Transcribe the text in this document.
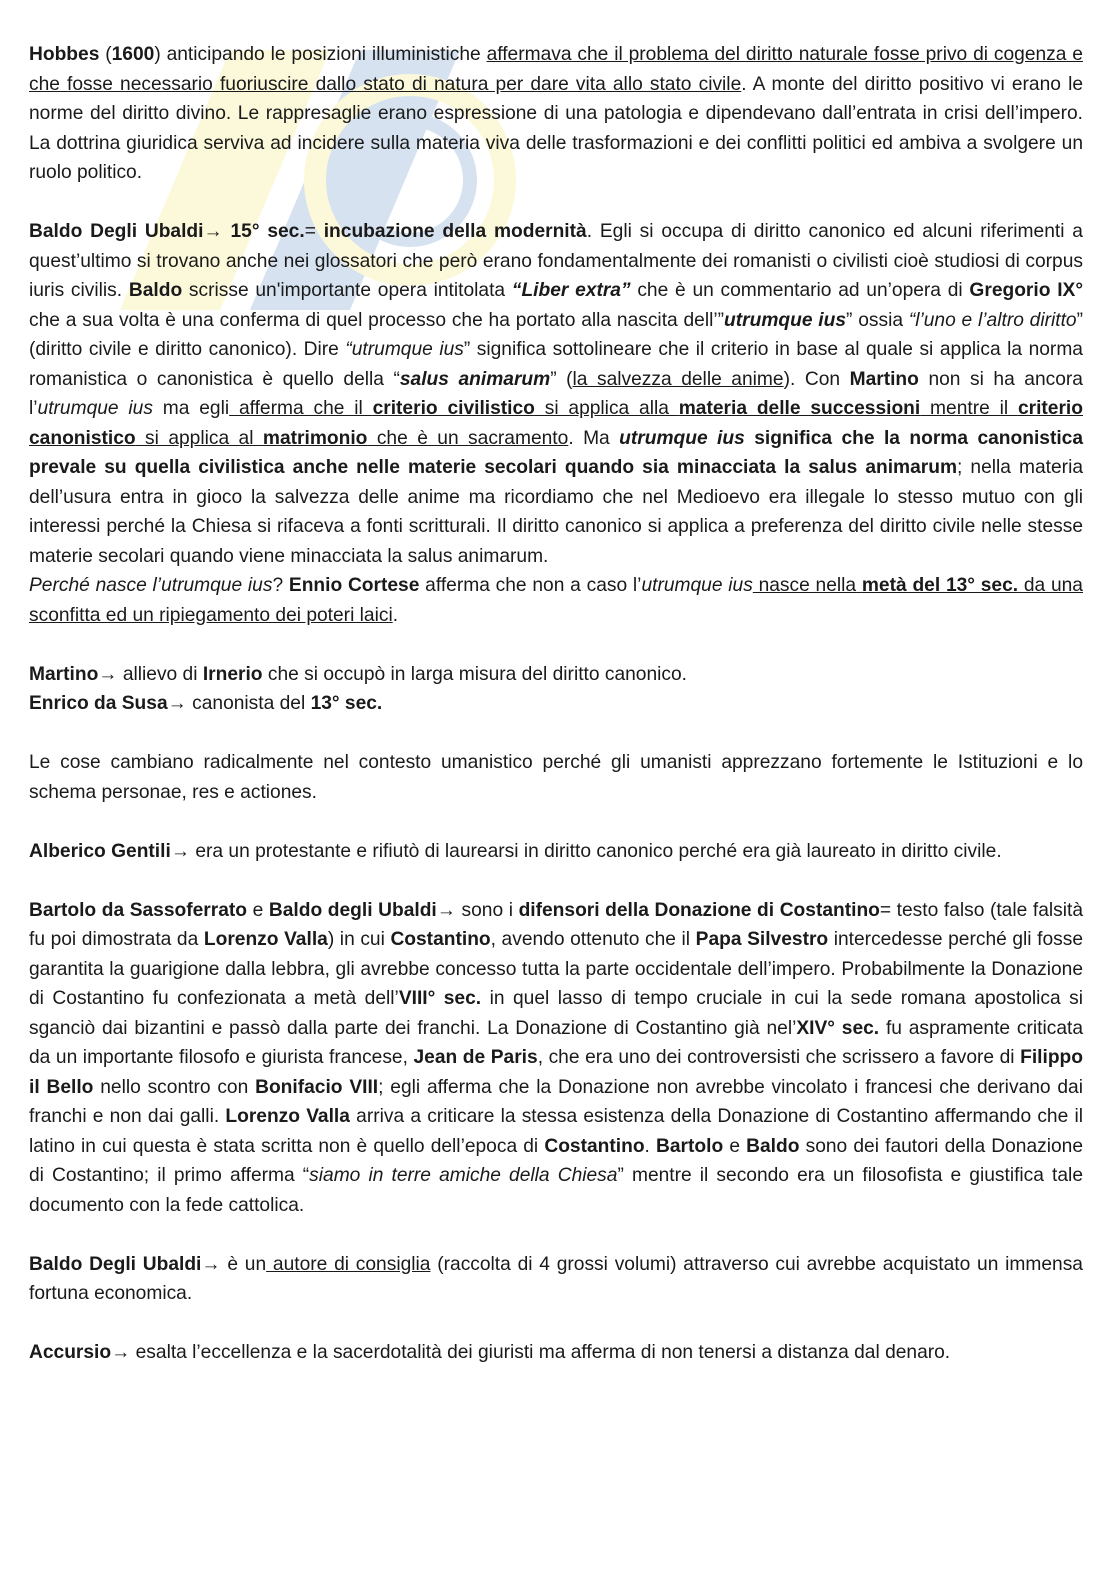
Hobbes (1600) anticipando le posizioni illuministiche affermava che il problema del diritto naturale fosse privo di cogenza e che fosse necessario fuoriuscire dallo stato di natura per dare vita allo stato civile. A monte del diritto positivo vi erano le norme del diritto divino. Le rappresaglie erano espressione di una patologia e dipendevano dall’entrata in crisi dell’impero. La dottrina giuridica serviva ad incidere sulla materia viva delle trasformazioni e dei conflitti politici ed ambiva a svolgere un ruolo politico.

Baldo Degli Ubaldi→ 15° sec.= incubazione della modernità. Egli si occupa di diritto canonico ed alcuni riferimenti a quest’ultimo si trovano anche nei glossatori che però erano fondamentalmente dei romanisti o civilisti cioè studiosi di corpus iuris civilis. Baldo scrisse un'importante opera intitolata “Liber extra” che è un commentario ad un’opera di Gregorio IX° che a sua volta è una conferma di quel processo che ha portato alla nascita dell’”utrumque ius” ossia “l’uno e l’altro diritto” (diritto civile e diritto canonico). Dire “utrumque ius” significa sottolineare che il criterio in base al quale si applica la norma romanistica o canonistica è quello della “salus animarum” (la salvezza delle anime). Con Martino non si ha ancora l’utrumque ius ma egli afferma che il criterio civilistico si applica alla materia delle successioni mentre il criterio canonistico si applica al matrimonio che è un sacramento. Ma utrumque ius significa che la norma canonistica prevale su quella civilistica anche nelle materie secolari quando sia minacciata la salus animarum; nella materia dell’usura entra in gioco la salvezza delle anime ma ricordiamo che nel Medioevo era illegale lo stesso mutuo con gli interessi perché la Chiesa si rifaceva a fonti scritturali. Il diritto canonico si applica a preferenza del diritto civile nelle stesse materie secolari quando viene minacciata la salus animarum.

Perché nasce l’utrumque ius? Ennio Cortese afferma che non a caso l’utrumque ius nasce nella metà del 13° sec. da una sconfitta ed un ripiegamento dei poteri laici.

Martino→ allievo di Irnerio che si occupò in larga misura del diritto canonico.

Enrico da Susa→ canonista del 13° sec.

Le cose cambiano radicalmente nel contesto umanistico perché gli umanisti apprezzano fortemente le Istituzioni e lo schema personae, res e actiones.

Alberico Gentili→ era un protestante e rifiutò di laurearsi in diritto canonico perché era già laureato in diritto civile.

Bartolo da Sassoferrato e Baldo degli Ubaldi→ sono i difensori della Donazione di Costantino= testo falso (tale falsità fu poi dimostrata da Lorenzo Valla) in cui Costantino, avendo ottenuto che il Papa Silvestro intercedesse perché gli fosse garantita la guarigione dalla lebbra, gli avrebbe concesso tutta la parte occidentale dell’impero. Probabilmente la Donazione di Costantino fu confezionata a metà dell’VIII° sec. in quel lasso di tempo cruciale in cui la sede romana apostolica si sganciò dai bizantini e passò dalla parte dei franchi. La Donazione di Costantino già nel’XIV° sec. fu aspramente criticata da un importante filosofo e giurista francese, Jean de Paris, che era uno dei controversisti che scrissero a favore di Filippo il Bello nello scontro con Bonifacio VIII; egli afferma che la Donazione non avrebbe vincolato i francesi che derivano dai franchi e non dai galli. Lorenzo Valla arriva a criticare la stessa esistenza della Donazione di Costantino affermando che il latino in cui questa è stata scritta non è quello dell’epoca di Costantino. Bartolo e Baldo sono dei fautori della Donazione di Costantino; il primo afferma “siamo in terre amiche della Chiesa” mentre il secondo era un filosofista e giustifica tale documento con la fede cattolica.

Baldo Degli Ubaldi→ è un autore di consiglia (raccolta di 4 grossi volumi) attraverso cui avrebbe acquistato un immensa fortuna economica.

Accursio→ esalta l’eccellenza e la sacerdotalità dei giuristi ma afferma di non tenersi a distanza dal denaro.
